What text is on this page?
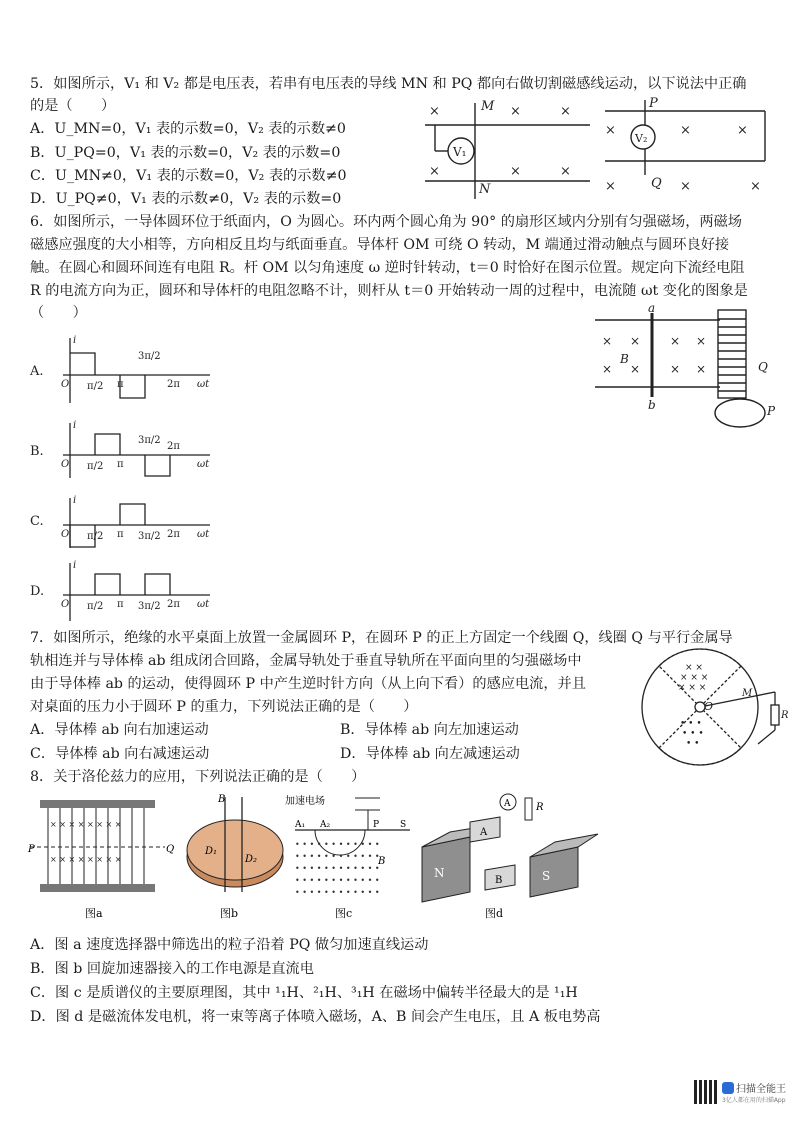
5．如图所示，V₁ 和 V₂ 都是电压表，若串有电压表的导线 MN 和 PQ 都向右做切割磁感线运动，以下说法中正确
的是（　　）
A．U_MN=0，V₁ 表的示数=0，V₂ 表的示数≠0
B．U_PQ=0，V₁ 表的示数=0，V₂ 表的示数=0
C．U_MN≠0，V₁ 表的示数=0，V₂ 表的示数≠0
D．U_PQ≠0，V₁ 表的示数≠0，V₂ 表的示数=0
×	×	×
×	×	×
×	×	×
×	×	×
M
N
P
Q
V₁
V₂
6．如图所示，一导体圆环位于纸面内，O 为圆心。环内两个圆心角为 90° 的扇形区域内分别有匀强磁场，两磁场
磁感应强度的大小相等，方向相反且均与纸面垂直。导体杆 OM 可绕 O 转动，M 端通过滑动触点与圆环良好接
触。在圆心和圆环间连有电阻 R。杆 OM 以匀角速度 ω 逆时针转动，t＝0 时恰好在图示位置。规定向下流经电阻
R 的电流方向为正，圆环和导体杆的电阻忽略不计，则杆从 t＝0 开始转动一周的过程中，电流随 ωt 变化的图象是
（　　）
×
×
×
×
×
×
×
×
B
a
b
Q
P
A.
B.
C.
D.
i
O π/2 π
3π/2
2π ωt
i
O π/2 π
3π/2
2π
ωt
i
O π/2 π 3π/2 2π ωt
i
O π/2 π 3π/2 2π ωt
7．如图所示，绝缘的水平桌面上放置一金属圆环 P，在圆环 P 的正上方固定一个线圈 Q，线圈 Q 与平行金属导
轨相连并与导体棒 ab 组成闭合回路，金属导轨处于垂直导轨所在平面向里的匀强磁场中
由于导体棒 ab 的运动，使得圆环 P 中产生逆时针方向（从上向下看）的感应电流，并且
对桌面的压力小于圆环 P 的重力，下列说法正确的是（　　）
A．导体棒 ab 向右加速运动	B．导体棒 ab 向左加速运动
C．导体棒 ab 向右减速运动	D．导体棒 ab 向左减速运动
× ×
× × ×
× × ×
• • •
• • •
• •
O
M
R
8．关于洛伦兹力的应用，下列说法正确的是（　　）
× × × × × × × ×
× × × × × × × ×
P	Q
图a
B
D₁
D₂
图b
加速电场
A₁ A₂	P S
• • • • • • • • • • • •
• • • • • • • • • • • •
• • • • • • • • • • • •
• • • • • • • • • • • •
• • • • • • • • • • • •
B
图c
N	S
A
B
A	R
图d
A．图 a 速度选择器中筛选出的粒子沿着 PQ 做匀加速直线运动
B．图 b 回旋加速器接入的工作电源是直流电
C．图 c 是质谱仪的主要原理图，其中 ¹₁H、²₁H、³₁H 在磁场中偏转半径最大的是 ¹₁H
D．图 d 是磁流体发电机，将一束等离子体喷入磁场，A、B 间会产生电压，且 A 板电势高
扫描全能王
3亿人都在用的扫描App
